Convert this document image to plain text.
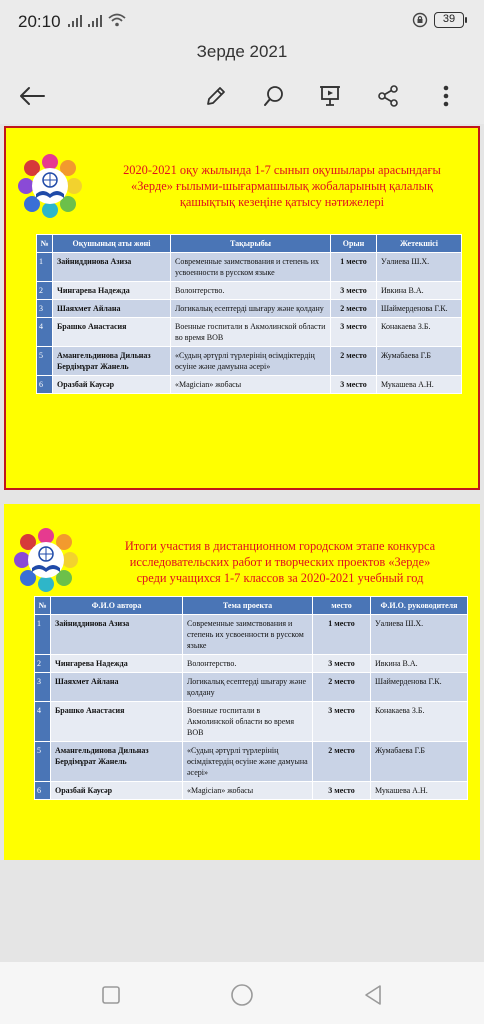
20:10	39
Зерде 2021
2020-2021 оқу жылында 1-7 сынып оқушылары арасындағы
«Зерде» ғылыми-шығармашылық жобаларының қалалық
қашықтық кезеңіне қатысу нәтижелері
№	Оқушының аты жөні	Тақырыбы	Орын	Жетекшісі
1	Зайниддинова Азиза	Современные заимствования и степень их усвоенности в русском языке	1 место	Уалиева Ш.Х.
2	Чингарева Надежда	Волонтерство.	3 место	Ивкина В.А.
3	Шаяхмет Айлана	Логикалық есептерді шығару және қолдану	2 место	Шаймерденова Г.К.
4	Брашко Анастасия	Военные госпитали в Акмолинской области во время ВОВ	3 место	Конакаева З.Б.
5	Амангельдинова Дильназ Бердімұрат Жанель	«Судың әртүрлі түрлерінің өсімдіктердің өсуіне және дамуына әсері»	2 место	Жумабаева Г.Б
6	Оразбай Каусәр	«Magicіаn» жобасы	3 место	Мукашева А.Н.
Итоги участия в дистанционном городском этапе конкурса
исследовательских работ и творческих проектов «Зерде»
среди учащихся 1-7 классов за 2020-2021 учебный год
№	Ф.И.О автора	Тема проекта	место	Ф.И.О. руководителя
1	Зайниддинова Азиза	Современные заимствования и степень их усвоенности в русском языке	1 место	Уалиева Ш.Х.
2	Чингарева Надежда	Волонтерство.	3 место	Ивкина В.А.
3	Шаяхмет Айлана	Логикалық есептерді шығару және қолдану	2 место	Шаймерденова Г.К.
4	Брашко Анастасия	Военные госпитали в Акмолинской области во время ВОВ	3 место	Конакаева З.Б.
5	Амангельдинова Дильназ Бердімұрат Жанель	«Судың әртүрлі түрлерінің өсімдіктердің өсуіне және дамуына әсері»	2 место	Жумабаева Г.Б
6	Оразбай Каусәр	«Magicіаn» жобасы	3 место	Мукашева А.Н.
